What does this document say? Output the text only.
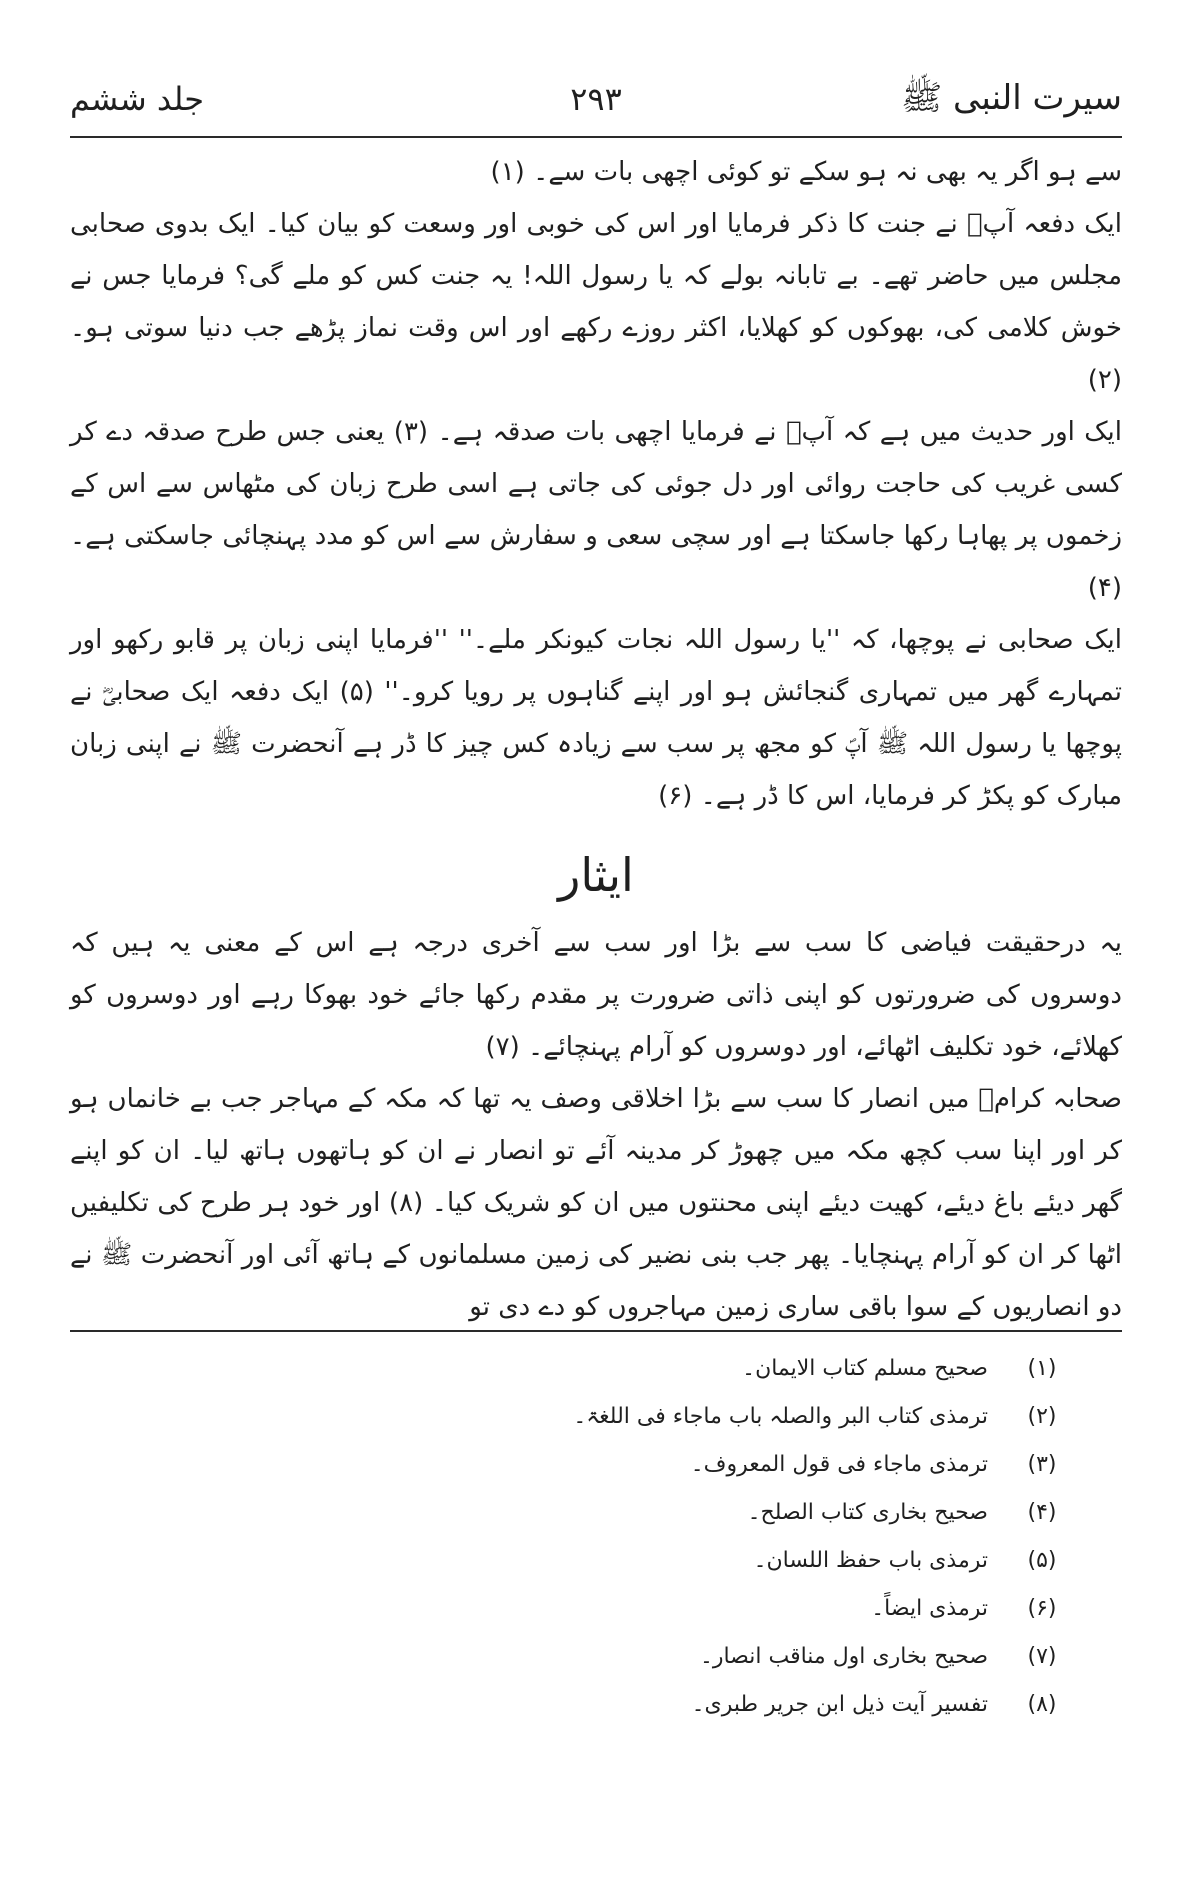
سیرت النبی ﷺ
۲۹۳
جلد ششم

سے ہو اگر یہ بھی نہ ہو سکے تو کوئی اچھی بات سے۔ (۱)

ایک دفعہ آپؐ نے جنت کا ذکر فرمایا اور اس کی خوبی اور وسعت کو بیان کیا۔ ایک بدوی صحابی مجلس میں حاضر تھے۔ بے تابانہ بولے کہ یا رسول اللہ! یہ جنت کس کو ملے گی؟ فرمایا جس نے خوش کلامی کی، بھوکوں کو کھلایا، اکثر روزے رکھے اور اس وقت نماز پڑھے جب دنیا سوتی ہو۔ (۲)

ایک اور حدیث میں ہے کہ آپؐ نے فرمایا اچھی بات صدقہ ہے۔ (۳) یعنی جس طرح صدقہ دے کر کسی غریب کی حاجت روائی اور دل جوئی کی جاتی ہے اسی طرح زبان کی مٹھاس سے اس کے زخموں پر پھاہا رکھا جاسکتا ہے اور سچی سعی و سفارش سے اس کو مدد پہنچائی جاسکتی ہے۔ (۴)

ایک صحابی نے پوچھا، کہ ''یا رسول اللہ نجات کیونکر ملے۔'' ''فرمایا اپنی زبان پر قابو رکھو اور تمہارے گھر میں تمہاری گنجائش ہو اور اپنے گناہوں پر رویا کرو۔'' (۵) ایک دفعہ ایک صحابیؓ نے پوچھا یا رسول اللہ ﷺ آپؐ کو مجھ پر سب سے زیادہ کس چیز کا ڈر ہے آنحضرت ﷺ نے اپنی زبان مبارک کو پکڑ کر فرمایا، اس کا ڈر ہے۔ (۶)

ایثار

یہ درحقیقت فیاضی کا سب سے بڑا اور سب سے آخری درجہ ہے اس کے معنی یہ ہیں کہ دوسروں کی ضرورتوں کو اپنی ذاتی ضرورت پر مقدم رکھا جائے خود بھوکا رہے اور دوسروں کو کھلائے، خود تکلیف اٹھائے، اور دوسروں کو آرام پہنچائے۔ (۷)

صحابہ کرامؓ میں انصار کا سب سے بڑا اخلاقی وصف یہ تھا کہ مکہ کے مہاجر جب بے خانماں ہو کر اور اپنا سب کچھ مکہ میں چھوڑ کر مدینہ آئے تو انصار نے ان کو ہاتھوں ہاتھ لیا۔ ان کو اپنے گھر دیئے باغ دیئے، کھیت دیئے اپنی محنتوں میں ان کو شریک کیا۔ (۸) اور خود ہر طرح کی تکلیفیں اٹھا کر ان کو آرام پہنچایا۔ پھر جب بنی نضیر کی زمین مسلمانوں کے ہاتھ آئی اور آنحضرت ﷺ نے دو انصاریوں کے سوا باقی ساری زمین مہاجروں کو دے دی تو

(۱)
صحیح مسلم کتاب الایمان۔
(۲)
ترمذی کتاب البر والصلہ باب ماجاء فی اللغۃ۔
(۳)
ترمذی ماجاء فی قول المعروف۔
(۴)
صحیح بخاری کتاب الصلح۔
(۵)
ترمذی باب حفظ اللسان۔
(۶)
ترمذی ایضاً۔
(۷)
صحیح بخاری اول مناقب انصار۔
(۸)
تفسیر آیت ذیل ابن جریر طبری۔
